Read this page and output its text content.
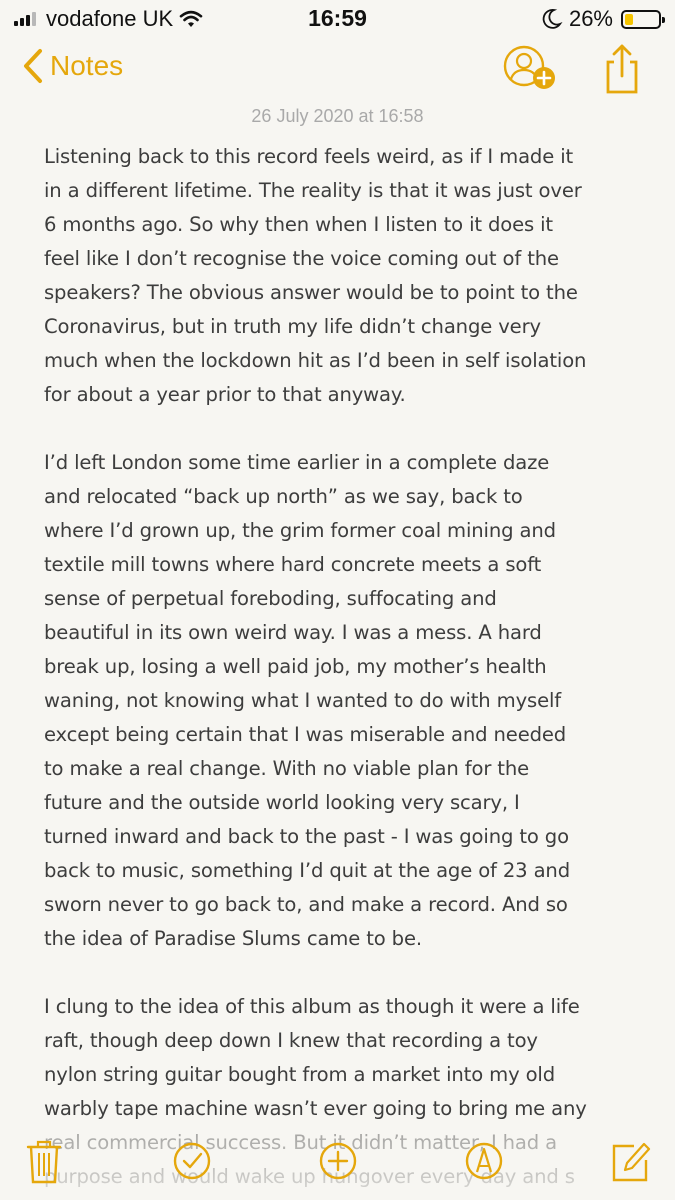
vodafone UK	16:59	26%
Notes
26 July 2020 at 16:58

Listening back to this record feels weird, as if I made it
in a different lifetime. The reality is that it was just over
6 months ago. So why then when I listen to it does it
feel like I don’t recognise the voice coming out of the
speakers? The obvious answer would be to point to the
Coronavirus, but in truth my life didn’t change very
much when the lockdown hit as I’d been in self isolation
for about a year prior to that anyway.

I’d left London some time earlier in a complete daze
and relocated “back up north” as we say, back to
where I’d grown up, the grim former coal mining and
textile mill towns where hard concrete meets a soft
sense of perpetual foreboding, suffocating and
beautiful in its own weird way. I was a mess. A hard
break up, losing a well paid job, my mother’s health
waning, not knowing what I wanted to do with myself
except being certain that I was miserable and needed
to make a real change. With no viable plan for the
future and the outside world looking very scary, I
turned inward and back to the past - I was going to go
back to music, something I’d quit at the age of 23 and
sworn never to go back to, and make a record. And so
the idea of Paradise Slums came to be.

I clung to the idea of this album as though it were a life
raft, though deep down I knew that recording a toy
nylon string guitar bought from a market into my old
warbly tape machine wasn’t ever going to bring me any
